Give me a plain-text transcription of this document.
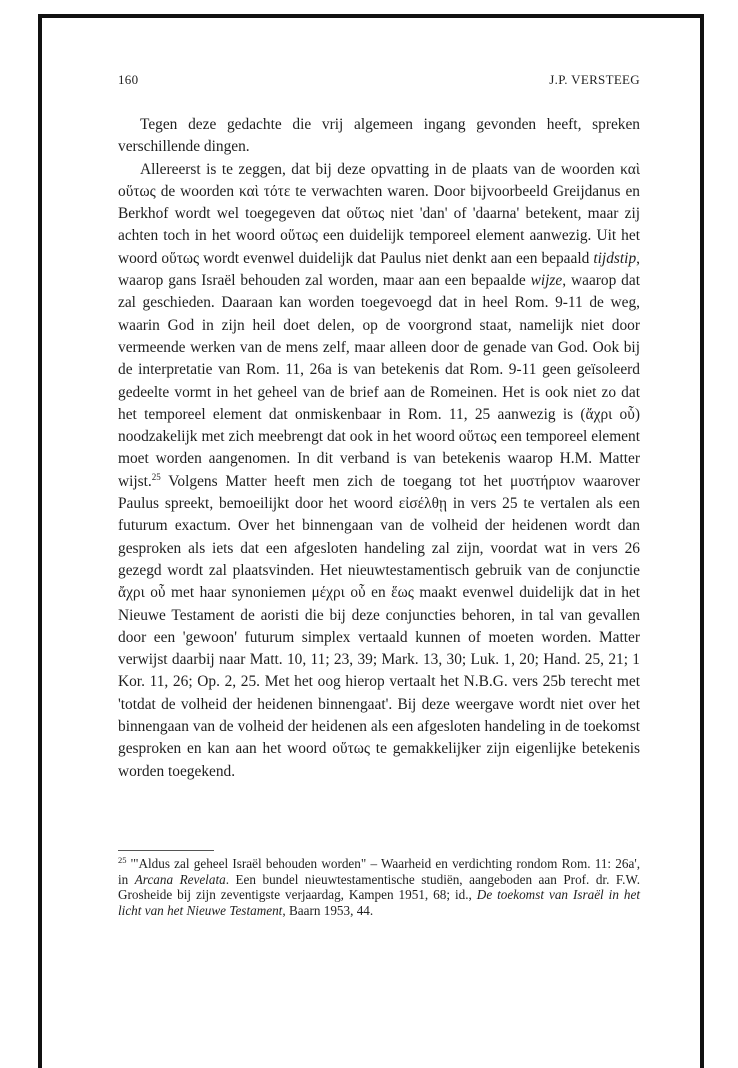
160	J.P. VERSTEEG

Tegen deze gedachte die vrij algemeen ingang gevonden heeft, spreken verschillende dingen.

Allereerst is te zeggen, dat bij deze opvatting in de plaats van de woorden καὶ οὕτως de woorden καὶ τότε te verwachten waren. Door bijvoorbeeld Greijdanus en Berkhof wordt wel toegegeven dat οὕτως niet 'dan' of 'daarna' betekent, maar zij achten toch in het woord οὕτως een duidelijk temporeel element aanwezig. Uit het woord οὕτως wordt evenwel duidelijk dat Paulus niet denkt aan een bepaald tijdstip, waarop gans Israël behouden zal worden, maar aan een bepaalde wijze, waarop dat zal geschieden. Daaraan kan worden toegevoegd dat in heel Rom. 9-11 de weg, waarin God in zijn heil doet delen, op de voorgrond staat, namelijk niet door vermeende werken van de mens zelf, maar alleen door de genade van God. Ook bij de interpretatie van Rom. 11, 26a is van betekenis dat Rom. 9-11 geen geïsoleerd gedeelte vormt in het geheel van de brief aan de Romeinen. Het is ook niet zo dat het temporeel element dat onmiskenbaar in Rom. 11, 25 aanwezig is (ἄχρι οὗ) noodzakelijk met zich meebrengt dat ook in het woord οὕτως een temporeel element moet worden aangenomen. In dit verband is van betekenis waarop H.M. Matter wijst.$^{25}$ Volgens Matter heeft men zich de toegang tot het μυστήριον waarover Paulus spreekt, bemoeilijkt door het woord εἰσέλθῃ in vers 25 te vertalen als een futurum exactum. Over het binnengaan van de volheid der heidenen wordt dan gesproken als iets dat een afgesloten handeling zal zijn, voordat wat in vers 26 gezegd wordt zal plaatsvinden. Het nieuwtestamentisch gebruik van de conjunctie ἄχρι οὗ met haar synoniemen μέχρι οὗ en ἕως maakt evenwel duidelijk dat in het Nieuwe Testament de aoristi die bij deze conjuncties behoren, in tal van gevallen door een 'gewoon' futurum simplex vertaald kunnen of moeten worden. Matter verwijst daarbij naar Matt. 10, 11; 23, 39; Mark. 13, 30; Luk. 1, 20; Hand. 25, 21; 1 Kor. 11, 26; Op. 2, 25. Met het oog hierop vertaalt het N.B.G. vers 25b terecht met 'totdat de volheid der heidenen binnengaat'. Bij deze weergave wordt niet over het binnengaan van de volheid der heidenen als een afgesloten handeling in de toekomst gesproken en kan aan het woord οὕτως te gemakkelijker zijn eigenlijke betekenis worden toegekend.

$^{25}$ '"Aldus zal geheel Israël behouden worden" – Waarheid en verdichting rondom Rom. 11: 26a', in Arcana Revelata. Een bundel nieuwtestamentische studiën, aangeboden aan Prof. dr. F.W. Grosheide bij zijn zeventigste verjaardag, Kampen 1951, 68; id., De toekomst van Israël in het licht van het Nieuwe Testament, Baarn 1953, 44.
